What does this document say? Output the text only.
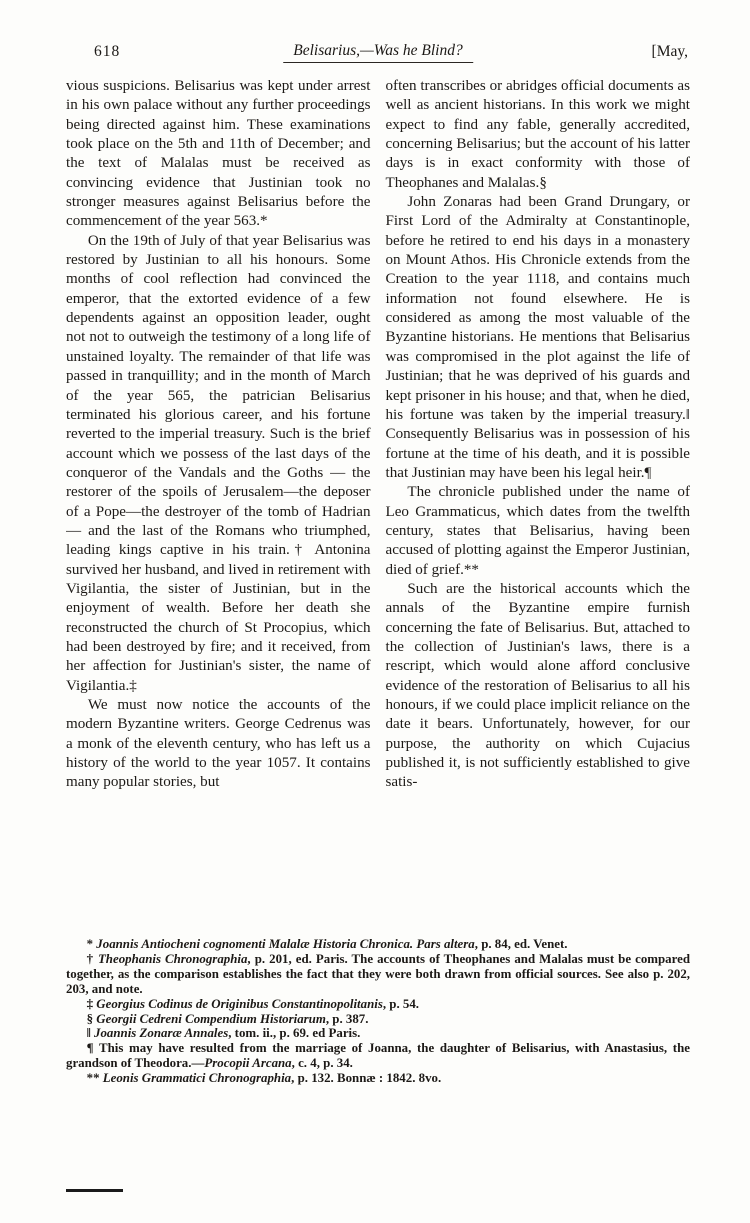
618	Belisarius,—Was he Blind?	[May,

vious suspicions. Belisarius was kept under arrest in his own palace without any further proceedings being directed against him. These examinations took place on the 5th and 11th of December; and the text of Malalas must be received as convincing evidence that Justinian took no stronger measures against Belisarius before the commencement of the year 563.*

On the 19th of July of that year Belisarius was restored by Justinian to all his honours. Some months of cool reflection had convinced the emperor, that the extorted evidence of a few dependents against an opposition leader, ought not not to outweigh the testimony of a long life of unstained loyalty. The remainder of that life was passed in tranquillity; and in the month of March of the year 565, the patrician Belisarius terminated his glorious career, and his fortune reverted to the imperial treasury. Such is the brief account which we possess of the last days of the conqueror of the Vandals and the Goths — the restorer of the spoils of Jerusalem—the deposer of a Pope—the destroyer of the tomb of Hadrian — and the last of the Romans who triumphed, leading kings captive in his train.† Antonina survived her husband, and lived in retirement with Vigilantia, the sister of Justinian, but in the enjoyment of wealth. Before her death she reconstructed the church of St Procopius, which had been destroyed by fire; and it received, from her affection for Justinian's sister, the name of Vigilantia.‡

We must now notice the accounts of the modern Byzantine writers. George Cedrenus was a monk of the eleventh century, who has left us a history of the world to the year 1057. It contains many popular stories, but

often transcribes or abridges official documents as well as ancient historians. In this work we might expect to find any fable, generally accredited, concerning Belisarius; but the account of his latter days is in exact conformity with those of Theophanes and Malalas.§

John Zonaras had been Grand Drungary, or First Lord of the Admiralty at Constantinople, before he retired to end his days in a monastery on Mount Athos. His Chronicle extends from the Creation to the year 1118, and contains much information not found elsewhere. He is considered as among the most valuable of the Byzantine historians. He mentions that Belisarius was compromised in the plot against the life of Justinian; that he was deprived of his guards and kept prisoner in his house; and that, when he died, his fortune was taken by the imperial treasury.‖ Consequently Belisarius was in possession of his fortune at the time of his death, and it is possible that Justinian may have been his legal heir.¶

The chronicle published under the name of Leo Grammaticus, which dates from the twelfth century, states that Belisarius, having been accused of plotting against the Emperor Justinian, died of grief.**

Such are the historical accounts which the annals of the Byzantine empire furnish concerning the fate of Belisarius. But, attached to the collection of Justinian's laws, there is a rescript, which would alone afford conclusive evidence of the restoration of Belisarius to all his honours, if we could place implicit reliance on the date it bears. Unfortunately, however, for our purpose, the authority on which Cujacius published it, is not sufficiently established to give satis-

* Joannis Antiocheni cognomenti Malalæ Historia Chronica. Pars altera, p. 84, ed. Venet.

† Theophanis Chronographia, p. 201, ed. Paris. The accounts of Theophanes and Malalas must be compared together, as the comparison establishes the fact that they were both drawn from official sources. See also p. 202, 203, and note.

‡ Georgius Codinus de Originibus Constantinopolitanis, p. 54.

§ Georgii Cedreni Compendium Historiarum, p. 387.

‖ Joannis Zonaræ Annales, tom. ii., p. 69. ed Paris.

¶ This may have resulted from the marriage of Joanna, the daughter of Belisarius, with Anastasius, the grandson of Theodora.—Procopii Arcana, c. 4, p. 34.

** Leonis Grammatici Chronographia, p. 132. Bonnæ : 1842. 8vo.
